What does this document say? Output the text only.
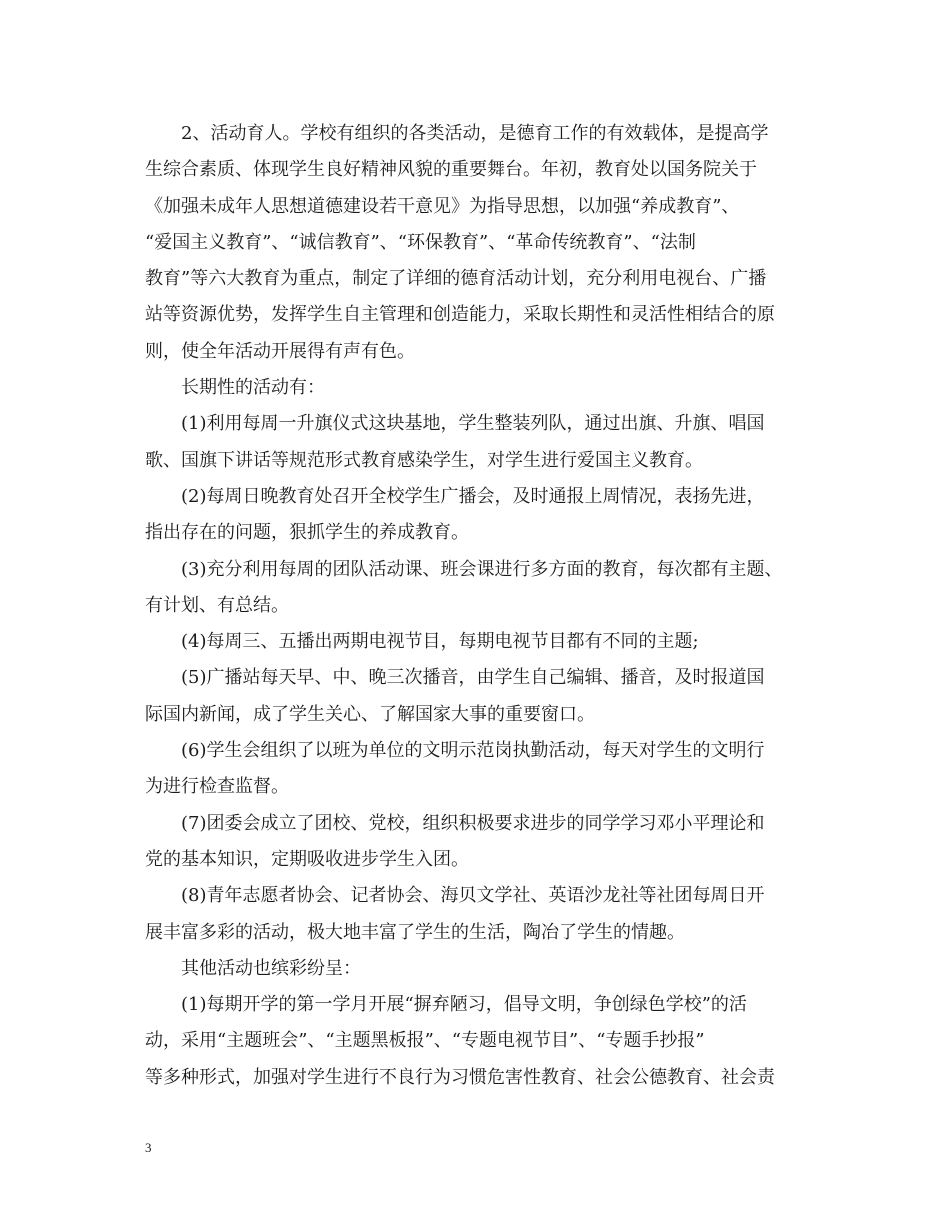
2、活动育人。学校有组织的各类活动，是德育工作的有效载体，是提高学
生综合素质、体现学生良好精神风貌的重要舞台。年初，教育处以国务院关于
《加强未成年人思想道德建设若干意见》为指导思想，以加强“养成教育”、
“爱国主义教育”、“诚信教育”、“环保教育”、“革命传统教育”、“法制
教育”等六大教育为重点，制定了详细的德育活动计划，充分利用电视台、广播
站等资源优势，发挥学生自主管理和创造能力，采取长期性和灵活性相结合的原
则，使全年活动开展得有声有色。
长期性的活动有：
(1)利用每周一升旗仪式这块基地，学生整装列队，通过出旗、升旗、唱国
歌、国旗下讲话等规范形式教育感染学生，对学生进行爱国主义教育。
(2)每周日晚教育处召开全校学生广播会，及时通报上周情况，表扬先进，
指出存在的问题，狠抓学生的养成教育。
(3)充分利用每周的团队活动课、班会课进行多方面的教育，每次都有主题、
有计划、有总结。
(4)每周三、五播出两期电视节目，每期电视节目都有不同的主题;
(5)广播站每天早、中、晚三次播音，由学生自己编辑、播音，及时报道国
际国内新闻，成了学生关心、了解国家大事的重要窗口。
(6)学生会组织了以班为单位的文明示范岗执勤活动，每天对学生的文明行
为进行检查监督。
(7)团委会成立了团校、党校，组织积极要求进步的同学学习邓小平理论和
党的基本知识，定期吸收进步学生入团。
(8)青年志愿者协会、记者协会、海贝文学社、英语沙龙社等社团每周日开
展丰富多彩的活动，极大地丰富了学生的生活，陶冶了学生的情趣。
其他活动也缤彩纷呈：
(1)每期开学的第一学月开展“摒弃陋习，倡导文明，争创绿色学校”的活
动，采用“主题班会”、“主题黑板报”、“专题电视节目”、“专题手抄报”
等多种形式，加强对学生进行不良行为习惯危害性教育、社会公德教育、社会责
3
